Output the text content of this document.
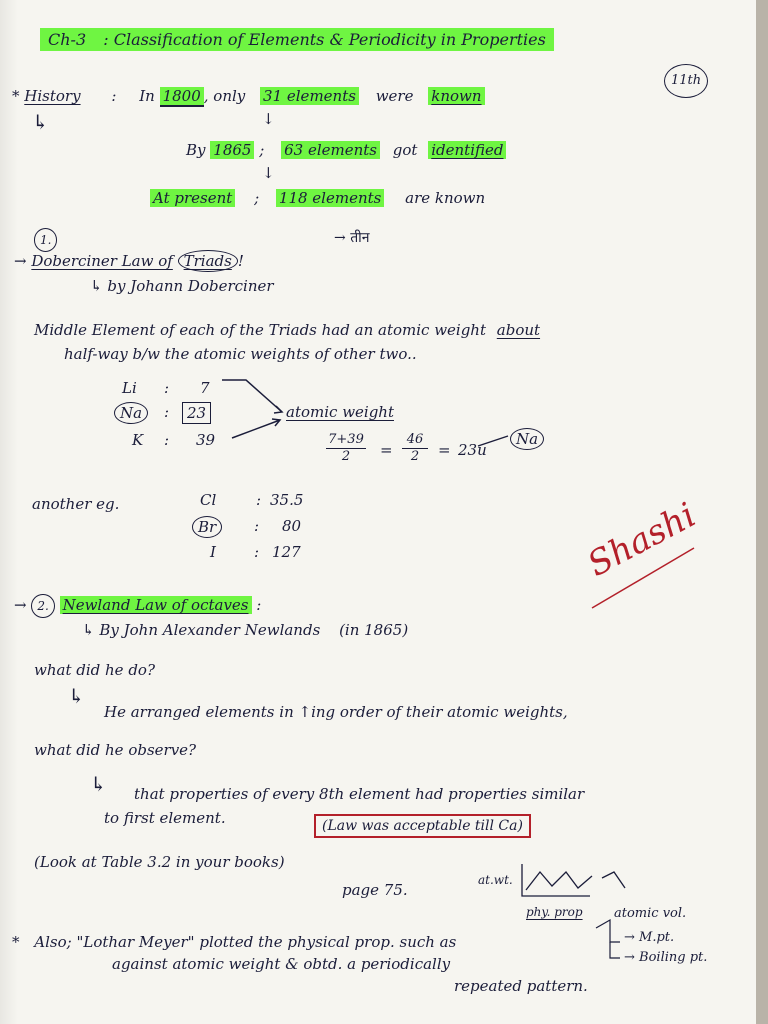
Ch-3 : Classification of Elements & Periodicity in Properties
11th
* History : In 1800 , only 31 elements were known
↳	↓
By 1865 ; 63 elements got identified
↓
At present ; 118 elements are known
1.
→ Doberciner Law of Triads !
→ तीन
↳ by Johann Doberciner
Middle Element of each of the Triads had an atomic weight about
half-way b/w the atomic weights of other two..
Li : 7
Na :	23
K : 39
atomic weight
7+39
2	=
46
2	= 23u
Na
another eg.	Cl	: 35.5
Br	: 80
I	: 127	Shashi
→ 2. Newland Law of octaves :
↳ By John Alexander Newlands (in 1865)
what did he do?
↳
He arranged elements in ↑ing order of their atomic weights,
what did he observe?
↳ that properties of every 8th element had properties similar
to first element.	(Law was acceptable till Ca)
(Look at Table 3.2 in your books)
page 75.
at.wt.
phy. prop
* Also; "Lothar Meyer" plotted the physical prop. such as
against atomic weight & obtd. a periodically
repeated pattern.
atomic vol.
→ M.pt.
→ Boiling pt.
